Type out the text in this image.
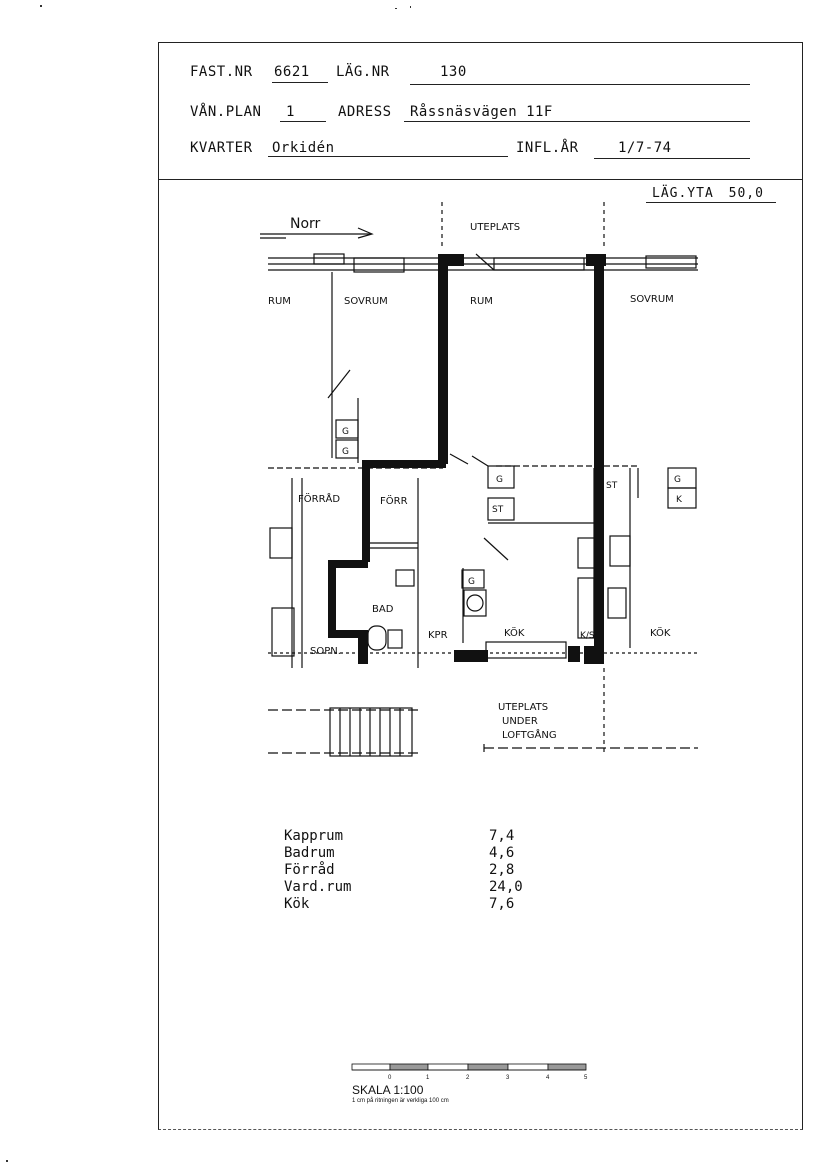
FAST.NR 6621 LÄG.NR	130
VÅN.PLAN 1	ADRESS Råssnäsvägen 11F
KVARTER Orkidén	INFL.ÅR	1/7-74
LÄG.YTA 50,0
Norr	UTEPLATS
RUM	SOVRUM	RUM	SOVRUM
FÖRRÅD	FÖRR
BAD
KPR
SOPN.
KÖK	KÖK
K/S
ST
ST
G
G
G
G
G
K
UTEPLATS
UNDER
LOFTGÅNG
Kapprum	7,4
Badrum	4,6
Förråd	2,8
Vard.rum	24,0
Kök	7,6
0	1	2	3	4	5
SKALA 1:100
1 cm på ritningen är verkliga 100 cm
